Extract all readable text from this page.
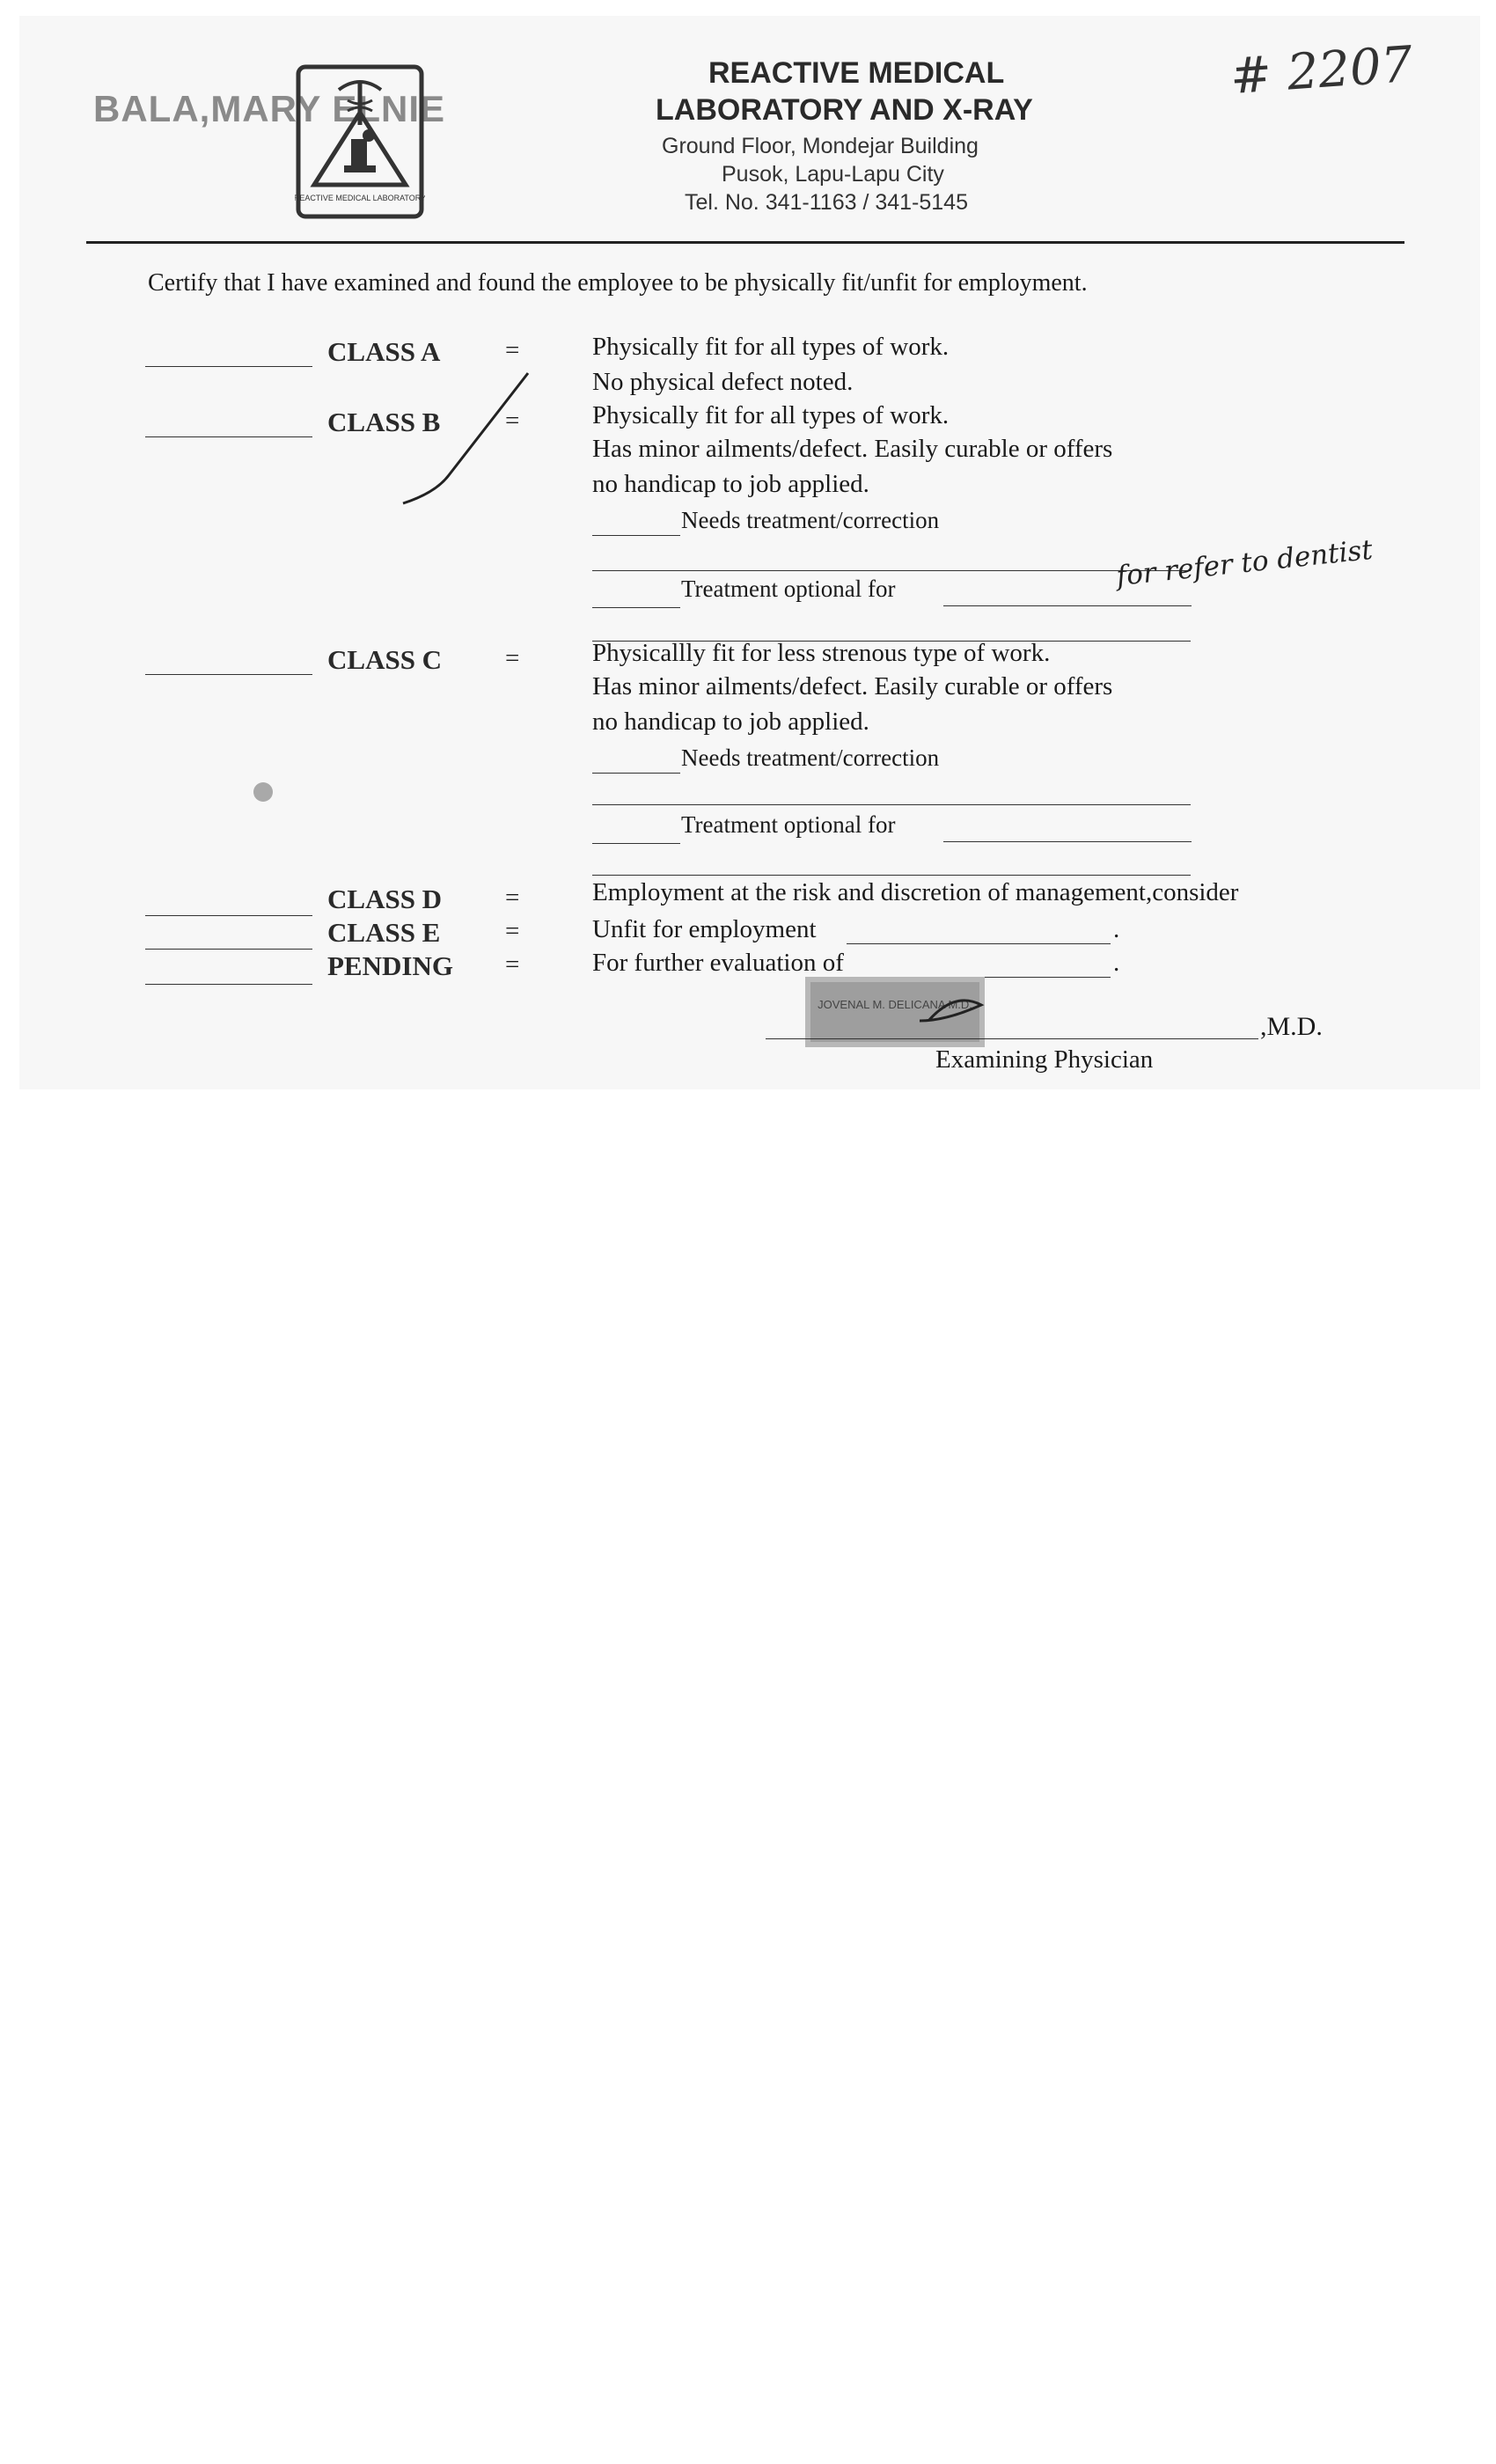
BALA,MARY ELNIE
REACTIVE MEDICAL LABORATORY
REACTIVE MEDICAL
LABORATORY AND X-RAY
Ground Floor, Mondejar Building
Pusok, Lapu-Lapu City
Tel. No. 341-1163 / 341-5145
# 2207
Certify that I have examined and found the employee to be physically fit/unfit for employment.
CLASS A	=	Physically fit for all types of work.
No physical defect noted.
CLASS B	=	Physically fit for all types of work.
Has minor ailments/defect. Easily curable or offers
no handicap to job applied.
Needs treatment/correction
Treatment optional for	for refer to dentist
CLASS C =	Physicallly fit for less strenous type of work.
Has minor ailments/defect. Easily curable or offers
no handicap to job applied.
Needs treatment/correction
Treatment optional for
CLASS D =	Employment at the risk and discretion of management,consider
CLASS E	=	Unfit for employment	.
PENDING =	For further evaluation of	.
JOVENAL M. DELICANA M.D.
,M.D.
Examining Physician
